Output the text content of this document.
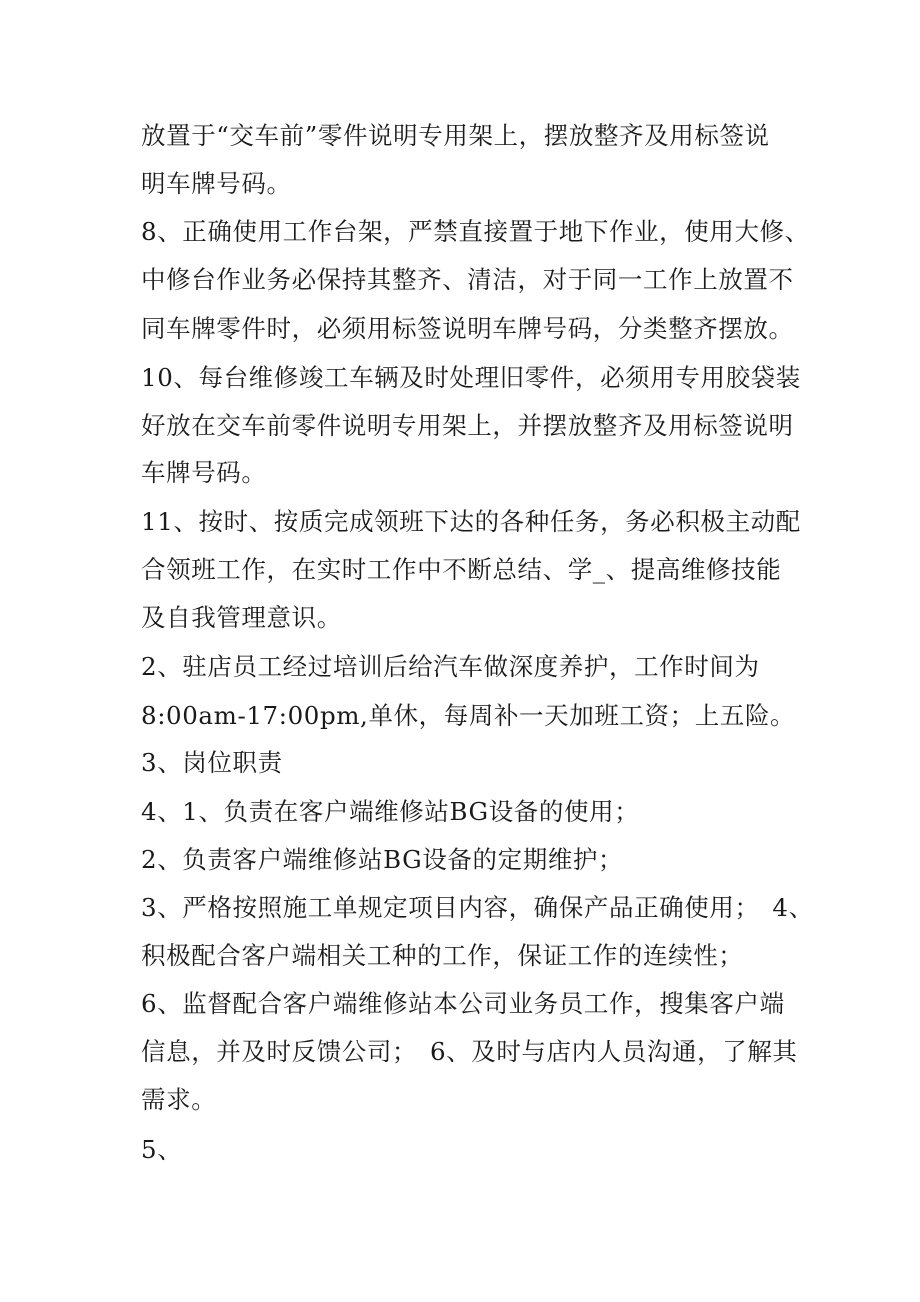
放置于“交车前”零件说明专用架上，摆放整齐及用标签说
明车牌号码。
8、正确使用工作台架，严禁直接置于地下作业，使用大修、
中修台作业务必保持其整齐、清洁，对于同一工作上放置不
同车牌零件时，必须用标签说明车牌号码，分类整齐摆放。
10、每台维修竣工车辆及时处理旧零件，必须用专用胶袋装
好放在交车前零件说明专用架上，并摆放整齐及用标签说明
车牌号码。
11、按时、按质完成领班下达的各种任务，务必积极主动配
合领班工作，在实时工作中不断总结、学_、提高维修技能
及自我管理意识。
2、驻店员工经过培训后给汽车做深度养护，工作时间为
8:00am-17:00pm,单休，每周补一天加班工资；上五险。
3、岗位职责
4、1、负责在客户端维修站BG设备的使用；
2、负责客户端维修站BG设备的定期维护；
3、严格按照施工单规定项目内容，确保产品正确使用；　4、
积极配合客户端相关工种的工作，保证工作的连续性；
6、监督配合客户端维修站本公司业务员工作，搜集客户端
信息，并及时反馈公司；　6、及时与店内人员沟通，了解其
需求。
5、
